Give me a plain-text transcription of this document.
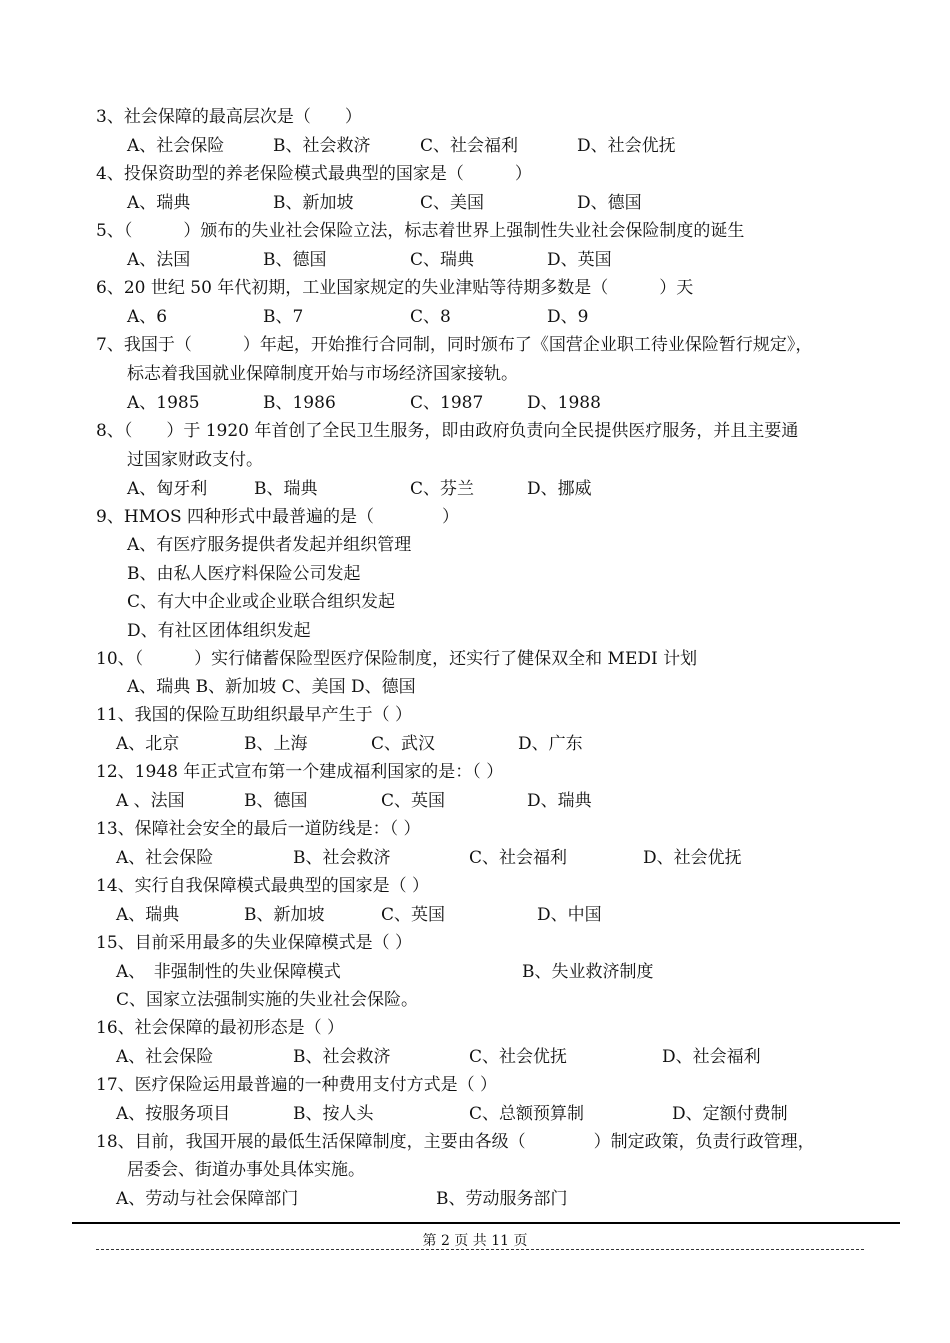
3、社会保障的最高层次是（　　）
A、社会保险	B、社会救济	C、社会福利	D、社会优抚
4、投保资助型的养老保险模式最典型的国家是（　　　）
A、瑞典	B、新加坡	C、美国	D、德国
5、（　　　）颁布的失业社会保险立法，标志着世界上强制性失业社会保险制度的诞生
A、法国	B、德国	C、瑞典	D、英国
6、20 世纪 50 年代初期，工业国家规定的失业津贴等待期多数是（　　　）天
A、6	B、7	C、8	D、9
7、我国于（　　　）年起，开始推行合同制，同时颁布了《国营企业职工待业保险暂行规定》，
标志着我国就业保障制度开始与市场经济国家接轨。
A、1985	B、1986	C、1987	D、1988
8、（　　）于 1920 年首创了全民卫生服务，即由政府负责向全民提供医疗服务，并且主要通
过国家财政支付。
A、匈牙利	B、瑞典	C、芬兰	D、挪威
9、HMOS 四种形式中最普遍的是（　　　　）
A、有医疗服务提供者发起并组织管理
B、由私人医疗料保险公司发起
C、有大中企业或企业联合组织发起
D、有社区团体组织发起
10、（　　　）实行储蓄保险型医疗保险制度，还实行了健保双全和 MEDI 计划
A、瑞典 B、新加坡 C、美国 D、德国
11、我国的保险互助组织最早产生于（ ）
A、北京	B、上海	C、武汉	D、广东
12、1948 年正式宣布第一个建成福利国家的是：（ ）
A 、法国	B、德国	C、英国	D、瑞典
13、保障社会安全的最后一道防线是：（ ）
A、社会保险	B、社会救济	C、社会福利	D、社会优抚
14、实行自我保障模式最典型的国家是（ ）
A、瑞典	B、新加坡	C、英国	D、中国
15、目前采用最多的失业保障模式是（ ）
A、　非强制性的失业保障模式	B、失业救济制度
C、国家立法强制实施的失业社会保险。
16、社会保障的最初形态是（ ）
A、社会保险	B、社会救济	C、社会优抚	D、社会福利
17、医疗保险运用最普遍的一种费用支付方式是（ ）
A、按服务项目	B、按人头	C、总额预算制	D、定额付费制
18、目前，我国开展的最低生活保障制度，主要由各级（　　　　）制定政策，负责行政管理，
居委会、街道办事处具体实施。
A、劳动与社会保障部门	B、劳动服务部门
第 2 页 共 11 页
